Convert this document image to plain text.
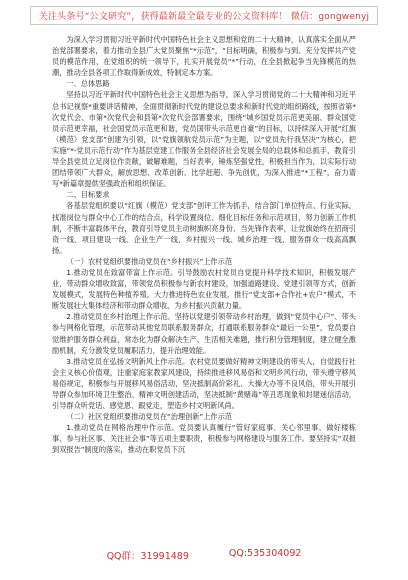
关注头条号“公文研究”，获得最新最全最专业的公文资料库！ 微信：gongwenyj

为深入学习贯彻习近平新时代中国特色社会主义思想和党的二十大精神，认真落实全面从严治党部署要求，着力推动全县广大党员聚焦“*示范”，“目标明确，积极参与到、充分发挥共产党员的模范作用，在党组织的统一领导下，扎实开展党员“*”行动，在全县掀起争当先锋模范的热潮，推动全县各项工作取得新成效，特制定本方案。

一、总体思路

坚持以习近平新时代中国特色社会主义思想为指导，深入学习贯彻党的二十大精神和习近平总书记视察*重要讲话精神，全面贯彻新时代党的建设总要求和新时代党的组织路线，按照省第*次党代会、市第*次党代会和县第*次党代会部署要求，围绕“城乡国党员示范更美丽、群众国党员示范更幸福，社会国党员示范更和谐，党员国带头示范更自豪”的目标，以持续深入开展“红旗（模范）党支部”创建为引领，以“党旗领航党员示范”为主题，以“党员先行我坚决”为核心，把实施“*-党员示范行动”作为基层党建工作服务全县经济社会发展全局的总载体和总抓手，教育引导全县党员立足岗位作贡献，破解难题，当好表率，锤炼坚强党性，积极担当作为，以实际行动团结带领广大群众，解放思想、改革创新、比学赶超、争先创优，为深入推进“*工程”，奋力谱写*新篇章提供坚强政治和组织保证。

二、目标要求

各基层党组织要以“红旗（模范）党支部”创评工作为抓手，结合部门单位特点、行业实际，找准岗位与群众中心工作的结合点，科学设置岗位、细化目标任务和示范项目，努力创新工作机制，不断丰富载体平台，教育引导党员主动树旗帜亮身份、当先锋作表率，让党旗始终在招商引资一线、项目建设一线、企业生产一线、乡村振兴一线、城乡治理一线、服务群众一线高高飘扬。

（一）农村党组织要推动党员在“乡村振兴”上作示范

1.推动党员在致富带富上作示范。引导鼓励农村党员自觉提升科学技术知识，积极发展产业，带动群众增收致富，带领党员积极参与新农村建设，加强道路建设、党建引领等方式，创新发展模式，发展特色种植养殖，大力推进特色农业发展，推行“党支部+合作社+农户”模式，不断发展壮大集体经济和带动群众增收，为乡村振兴贡献力量。

2.推动党员在乡村治理上作示范。坚持以党建引领带动乡村治理，做到“党员中心户”、带头参与网格化管理，示范带动其他党员联系服务群众，打通联系服务群众“最后一公里”，党员要自觉维护服务群众利益，常态化为群众解决生产、生活相关难题，推行积分管理制度，建立健全激励机制，充分激发党员履职活力，提升治理效能。

3.推动党员在弘扬文明新风上作示范。农村党员要做好精神文明建设的带头人，自觉践行社会主义核心价值观，注重家庭家教家风建设，持续推进移风易俗和文明乡风行动，带头遵守移风易俗规定，积极参与开展移风易俗活动，坚决抵制高价彩礼、大操大办等不良风俗，带头开展引导群众参加环境卫生整治、精神文明创建活动，坚决抵制“黄赌毒”等丑恶现象和封建迷信活动，引导群众听党话、感党恩、跟党走，塑造乡村文明新风尚。

（二）社区党组织要推动党员在“治理创新”上作示范

1.推动党员在网格治理中作示范。党员要认真履行“管好家庭事、关心邻里事、做好楼栋事、参与社区事、关注社会事”等五项主要职责，积极参与网格建设与服务工作。要坚持实“双报到双报告”制度的落实，推动在职党员下沉

QQ群：31991489	QQ:535304092
